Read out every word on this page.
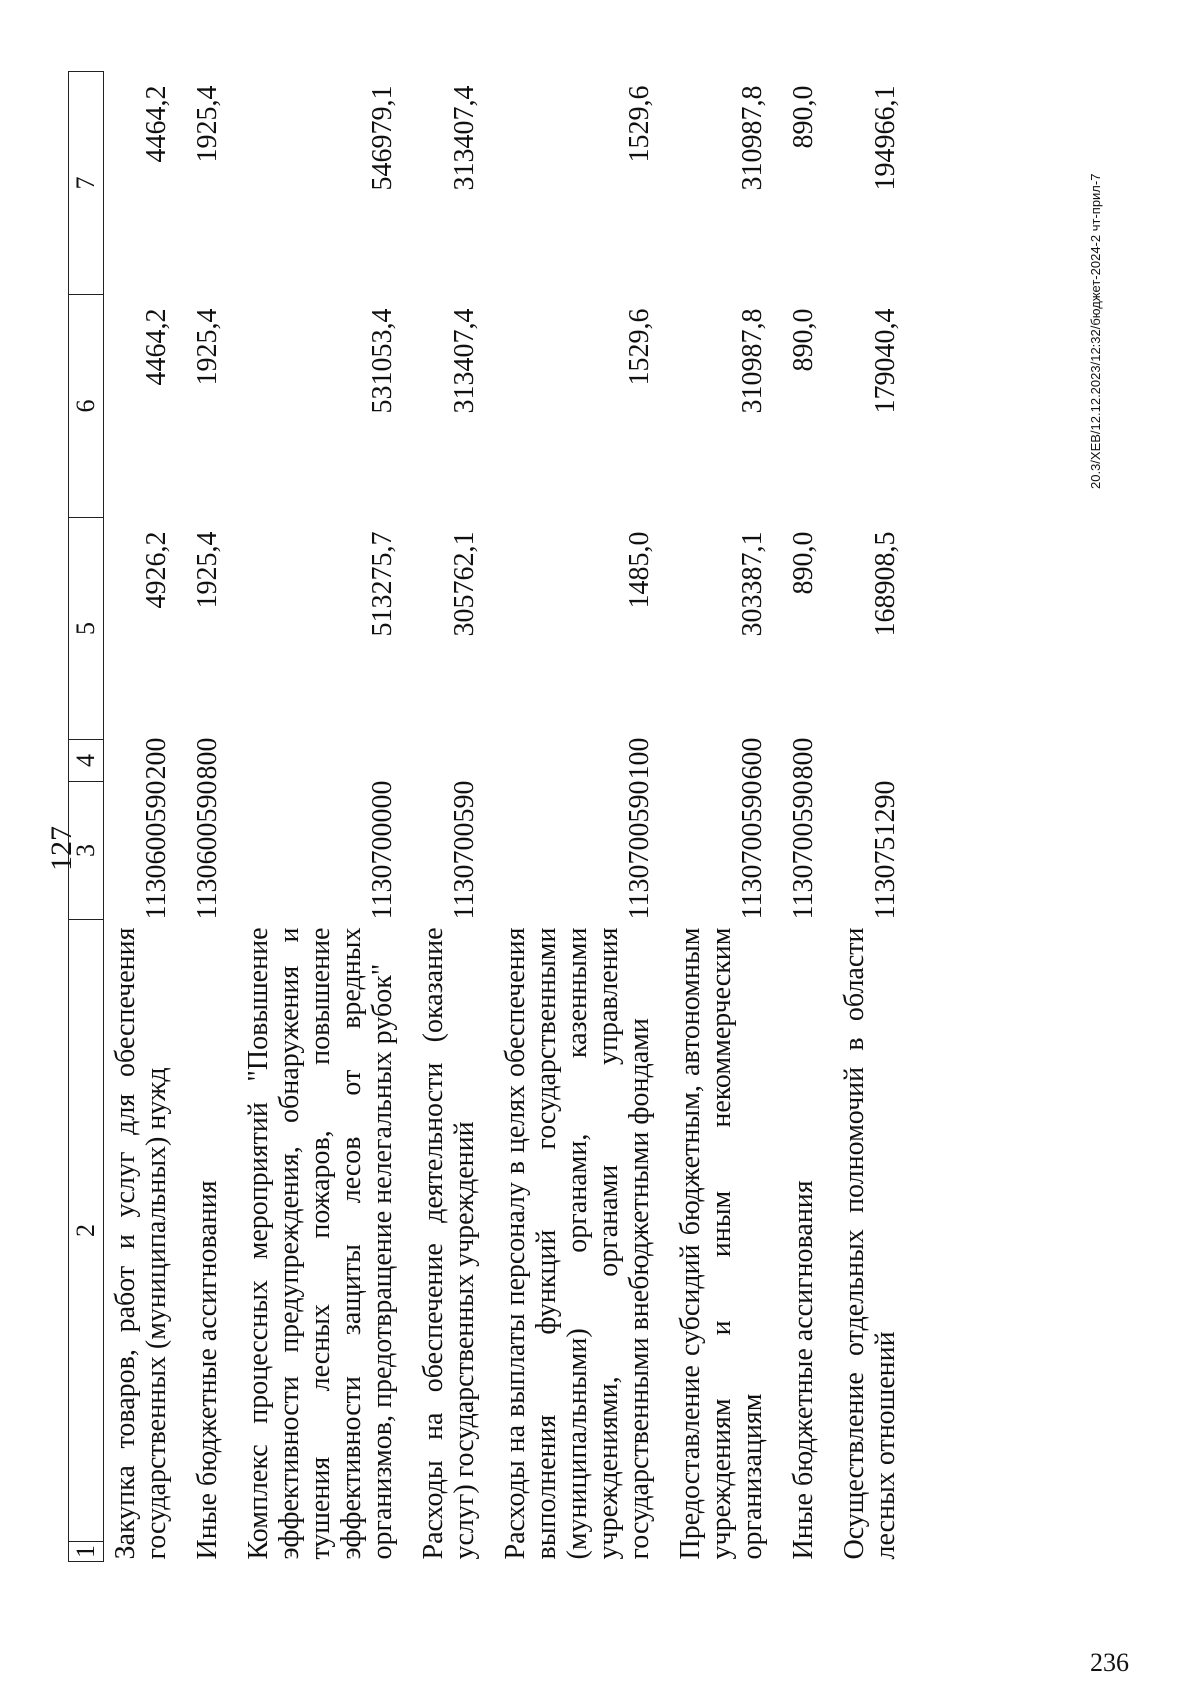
127
1	2	3	4	5	6	7
Закупка товаров, работ и услуг для обеспечения государственных (муниципальных) нужд		1130600590	200	4926,2	4464,2	4464,2
Иные бюджетные ассигнования		1130600590	800	1925,4	1925,4	1925,4
Комплекс процессных мероприятий "Повышение эффективности предупреждения, обнаружения и тушения лесных пожаров, повышение эффективности защиты лесов от вредных организмов, предотвращение нелегальных рубок"		1130700000		513275,7	531053,4	546979,1
Расходы на обеспечение деятельности (оказание услуг) государственных учреждений		1130700590		305762,1	313407,4	313407,4
Расходы на выплаты персоналу в целях обеспечения выполнения функций государственными (муниципальными) органами, казенными учреждениями, органами управления государственными внебюджетными фондами		1130700590	100	1485,0	1529,6	1529,6
Предоставление субсидий бюджетным, автономным учреждениям и иным некоммерческим организациям		1130700590	600	303387,1	310987,8	310987,8
Иные бюджетные ассигнования		1130700590	800	890,0	890,0	890,0
Осуществление отдельных полномочий в области лесных отношений		1130751290		168908,5	179040,4	194966,1
20.3/ХЕВ/12.12.2023/12:32/бюджет-2024-2 чт-прил-7
236
